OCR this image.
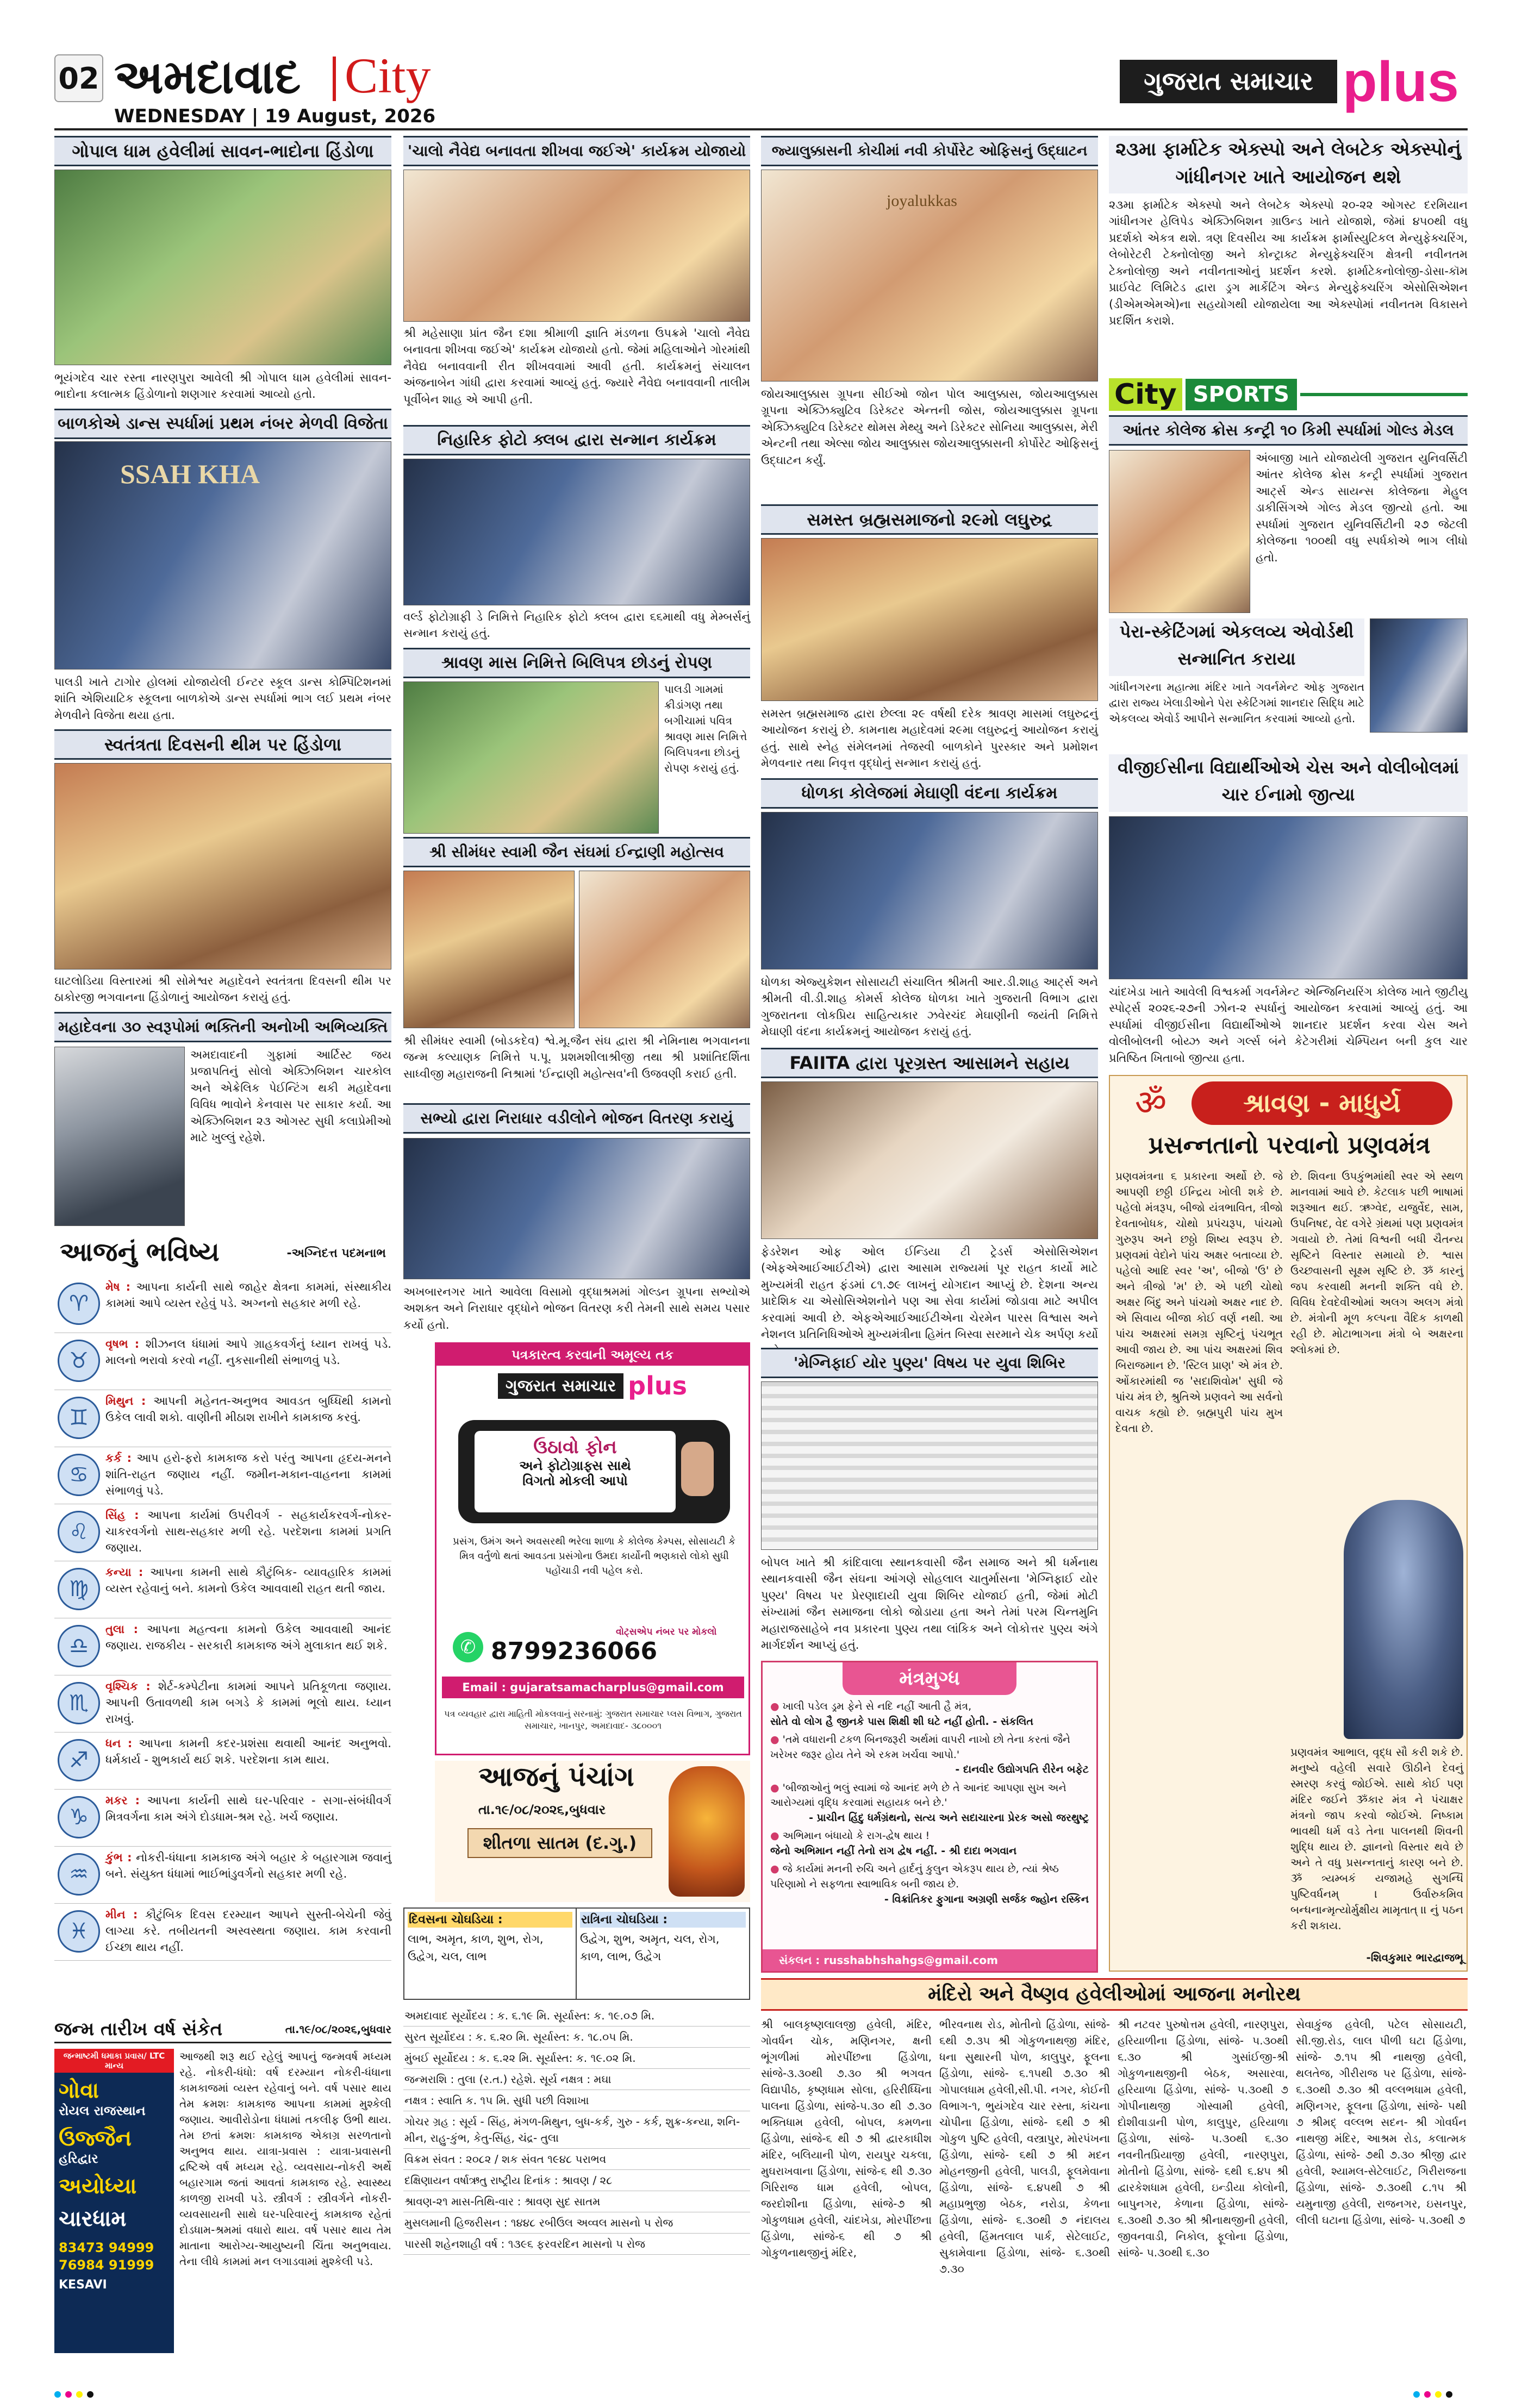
02 અમદાવાદ City
WEDNESDAY | 19 August, 2026
ગુજરાત સમાચાર plus
ગોપાલ ધામ હવેલીમાં સાવન-ભાદોના હિંડોળા
ભૂયંગદેવ ચાર રસ્તા નારણપુરા આવેલી શ્રી ગોપાલ ધામ હવેલીમાં સાવન-ભાદોના કલાત્મક હિંડોળાનો શણગાર કરવામાં આવ્યો હતો.
બાળકોએ ડાન્સ સ્પર્ધામાં પ્રથમ નંબર મેળવી વિજેતા
SSAH KHA
પાલડી ખાતે ટાગોર હોલમાં યોજાયેલી ઈન્ટર સ્કૂલ ડાન્સ કોમ્પિટિશનમાં શાંતિ એશિયાટિક સ્કૂલના બાળકોએ ડાન્સ સ્પર્ધામાં ભાગ લઈ પ્રથમ નંબર મેળવીને વિજેતા થયા હતા.
સ્વતંત્રતા દિવસની થીમ પર હિંડોળા
ઘાટલોડિયા વિસ્તારમાં શ્રી સોમેશ્વર મહાદેવને સ્વતંત્રતા દિવસની થીમ પર ઠાકોરજી ભગવાનના હિંડોળાનું આયોજન કરાયું હતું.
મહાદેવના ૩૦ સ્વરૂપોમાં ભક્તિની અનોખી અભિવ્યક્તિ
અમદાવાદની ગુફામાં આર્ટિસ્ટ જય પ્રજાપતિનું સોલો એક્ઝિબિશન ચારકોલ અને એક્રેલિક પેઈન્ટિંગ થકી મહાદેવના વિવિધ ભાવોને કેનવાસ પર સાકાર કર્યા. આ એક્ઝિબિશન ૨૩ ઓગસ્ટ સુધી કલાપ્રેમીઓ માટે ખુલ્લું રહેશે.
આજનું ભવિષ્ય	-અગ્નિદત્ત પદમનાભ
♈
મેષ : આપના કાર્યની સાથે જાહેર ક્ષેત્રના કામમાં, સંસ્થાકીય કામમાં આપે વ્યસ્ત રહેવું પડે. અગ્નનો સહકાર મળી રહે.
♉
વૃષભ : શીઝનલ ધંધામાં આપે ગ્રાહકવર્ગનું ધ્યાન રાખવું પડે. માલનો ભરાવો કરવો નહીં. નુકસાનીથી સંભાળવું પડે.
♊
મિથુન : આપની મહેનત-અનુભવ આવડત બુધ્ધિથી કામનો ઉકેલ લાવી શકો. વાણીની મીઠાશ રાખીને કામકાજ કરવું.
♋
કર્ક : આપ હરો-ફરો કામકાજ કરો પરંતુ આપના હૃદય-મનને શાંતિ-રાહત જણાય નહીં. જમીન-મકાન-વાહનના કામમાં સંભાળવું પડે.
♌
સિંહ : આપના કાર્યમાં ઉપરીવર્ગ - સહકાર્યકરવર્ગ-નોકર-ચાકરવર્ગનો સાથ-સહકાર મળી રહે. પરદેશના કામમાં પ્રગતિ જણાય.
♍
કન્યા : આપના કામની સાથે કૌટુંબિક- વ્યાવહારિક કામમાં વ્યસ્ત રહેવાનું બને. કામનો ઉકેલ આવવાથી રાહત થતી જાય.
♎
તુલા : આપના મહત્વના કામનો ઉકેલ આવવાથી આનંદ જણાય. રાજકીય - સરકારી કામકાજ અંગે મુલાકાત થઈ શકે.
♏
વૃશ્ચિક : શેર્ટ-કમ્પેટીના કામમાં આપને પ્રતિકૂળતા જણાય. આપની ઉતાવળથી કામ બગડે કે કામમાં ભૂલો થાય. ધ્યાન રાખવું.
♐
ધન : આપના કામની કદર-પ્રશંસા થવાથી આનંદ અનુભવો. ધર્મકાર્ય - શુભકાર્ય થઈ શકે. પરદેશના કામ થાય.
♑
મકર : આપના કાર્યની સાથે ઘર-પરિવાર - સગા-સંબંધીવર્ગ મિત્રવર્ગના કામ અંગે દોડધામ-શ્રમ રહે. ખર્ચ જણાય.
♒
કુંભ : નોકરી-ધંધાના કામકાજ અંગે બહાર કે બહારગામ જવાનું બને. સંયુક્ત ધંધામાં ભાઈભાંડુવર્ગનો સહકાર મળી રહે.
♓
મીન : કૌટુંબિક દિવસ દરમ્યાન આપને સુસ્તી-બેચેની જેવું લાગ્યા કરે. તબીયતની અસ્વસ્થતા જણાય. કામ કરવાની ઈચ્છા થાય નહીં.
જન્મ તારીખ વર્ષ સંકેત	તા.૧૯/૦૮/૨૦૨૬,બુધવાર
જન્માષ્ટમી ધમાકા પ્રવાસ/ LTC માન્ય
ગોવા
રોયલ રાજસ્થાન
ઉજ્જૈન
હરિદ્વાર
અયોધ્યા
ચારધામ
83473 94999
76984 91999
KESAVI
આજથી શરૂ થઈ રહેલું આપનું જન્મવર્ષ મધ્યમ રહે. નોકરી-ધંધો: વર્ષ દરમ્યાન નોકરી-ધંધાના કામકાજમાં વ્યસ્ત રહેવાનું બને. વર્ષ પસાર થાય તેમ ક્રમશઃ કામકાજ આપના કામમાં મુશ્કેલી જણાય. આવીરોડોના ધંધામાં તકલીફ ઉભી થાય. તેમ છતાં ક્રમશઃ કામકાજ એકાગ્ર સરળતાનો અનુભવ થાય. યાત્રા-પ્રવાસ : યાત્રા-પ્રવાસની દ્રષ્ટિએ વર્ષ મધ્યમ રહે. વ્યવસાય-નોકરી અર્થે બહારગામ જતાં આવતાં કામકાજ રહે. સ્વાસ્થ્ય કાળજી રાખવી પડે. સ્ત્રીવર્ગ : સ્ત્રીવર્ગને નોકરી-વ્યવસાયની સાથે ઘર-પરિવારનું કામકાજ રહેતાં દોડધામ-શ્રમમાં વધારો થાય. વર્ષ પસાર થાય તેમ માતાના આરોગ્ય-આયુષ્યની ચિંતા અનુભવાય. તેના લીધે કામમાં મન લગાડવામાં મુશ્કેલી પડે.
'ચાલો નૈવેદ્ય બનાવતા શીખવા જઈએ' કાર્યક્રમ યોજાયો
શ્રી મહેસાણા પ્રાંત જૈન દશા શ્રીમાળી જ્ઞાતિ મંડળના ઉપક્રમે 'ચાલો નૈવેદ્ય બનાવતા શીખવા જઈએ' કાર્યક્રમ યોજાયો હતો. જેમાં મહિલાઓને ગોરમાંથી નૈવેદ્ય બનાવવાની રીત શીખવવામાં આવી હતી. કાર્યક્રમનું સંચાલન અંજનાબેન ગાંધી દ્વારા કરવામાં આવ્યું હતું. જ્યારે નૈવેદ્ય બનાવવાની તાલીમ પૂર્વીબેન શાહ એ આપી હતી.
નિહારિક ફોટો ક્લબ દ્વારા સન્માન કાર્યક્રમ
વર્લ્ડ ફોટોગ્રાફી ડે નિમિત્તે નિહારિક ફોટો ક્લબ દ્વારા ૬૬માથી વધુ મેમ્બર્સનું સન્માન કરાયું હતું.
શ્રાવણ માસ નિમિત્તે બિલિપત્ર છોડનું રોપણ
પાલડી ગામમાં ક્રીડાંગણ તથા બગીચામાં પવિત્ર શ્રાવણ માસ નિમિત્તે બિલિપત્રના છોડનું રોપણ કરાયું હતું.
શ્રી સીમંધર સ્વામી જૈન સંઘમાં ઈન્દ્રાણી મહોત્સવ
શ્રી સીમંધર સ્વામી (બોડકદેવ) શ્વે.મૂ.જૈન સંઘ દ્વારા શ્રી નેમિનાથ ભગવાનના જન્મ કલ્યાણક નિમિત્તે પ.પૂ. પ્રશમશીલાશ્રીજી તથા શ્રી પ્રશાંતિદર્શિતા સાધ્વીજી મહારાજની નિશ્રામાં 'ઈન્દ્રાણી મહોત્સવ'ની ઉજવણી કરાઈ હતી.
સભ્યો દ્વારા નિરાધાર વડીલોને ભોજન વિતરણ કરાયું
અખબારનગર ખાતે આવેલા વિસામો વૃદ્ધાશ્રમમાં ગોલ્ડન ગ્રૂપના સભ્યોએ અશક્ત અને નિરાધાર વૃદ્ધોને ભોજન વિતરણ કરી તેમની સાથે સમય પસાર કર્યો હતો.
પત્રકારત્વ કરવાની અમૂલ્ય તક
ગુજરાત સમાચાર plus
ઉઠાવો ફોન
અને ફોટોગ્રાફ્સ સાથે
વિગતો મોકલી આપો
પ્રસંગ, ઉમંગ અને અવસરથી ભરેલા શાળા કે કોલેજ કેમ્પસ, સોસાયટી કે મિત્ર વર્તુળો થતાં આવડતા પ્રસંગોના ઉમદા કાર્યોની ભણકારો લોકો સુધી પહોંચાડી નવી પહેલ કરો.
✆
વોટ્સએપ નંબર પર મોકલો
8799236066
Email : gujaratsamacharplus@gmail.com
પત્ર વ્યવહાર દ્વારા માહિતી મોકલવાનું સરનામું: ગુજરાત સમાચાર પ્લસ વિભાગ, ગુજરાત સમાચાર, ખાનપુર, અમદાવાદ- ૩૮૦૦૦૧
આજનું પંચાંગ
તા.૧૯/૦૮/૨૦૨૬,બુધવાર
શીતળા સાતમ (દ.ગુ.)
દિવસના ચોઘડિયા :
લાભ, અમૃત, કાળ, શુભ, રોગ, ઉદ્વેગ, ચલ, લાભ
રાત્રિના ચોઘડિયા :
ઉદ્વેગ, શુભ, અમૃત, ચલ, રોગ, કાળ, લાભ, ઉદ્વેગ
અમદાવાદ સૂર્યોદય : ક. ૬.૧૯ મિ. સૂર્યાસ્ત: ક. ૧૯.૦૭ મિ.
સુરત સૂર્યોદય : ક. ૬.૨૦ મિ. સૂર્યાસ્ત: ક. ૧૮.૦૫ મિ.
મુંબઈ સૂર્યોદય : ક. ૬.૨૨ મિ. સૂર્યાસ્ત: ક. ૧૯.૦૨ મિ.
જન્મરાશિ : તુલા (ર.ત.) રહેશે. સૂર્ય નક્ષત્ર : મઘા
નક્ષત્ર : સ્વાતિ ક. ૧૫ મિ. સુધી પછી વિશાખા
ગોચર ગ્રહ : સૂર્ય - સિંહ, મંગળ-મિથુન, બુધ-કર્ક, ગુરુ - કર્ક, શુક્ર-કન્યા, શનિ-મીન, રાહુ-કુંભ, કેતુ-સિંહ, ચંદ્ર- તુલા
વિક્રમ સંવત : ૨૦૮૨ / શક સંવત ૧૯૪૮ પરાભવ
દક્ષિણાયન વર્ષાઋતુ રાષ્ટ્રીય દિનાંક : શ્રાવણ / ૨૮
શ્રાવણ-૨૧ માસ-તિથિ-વાર : શ્રાવણ સુદ સાતમ
મુસલમાની હિજરીસન : ૧૪૪૮ રબીઉલ અવ્વલ માસનો ૫ રોજ
પારસી શહેનશાહી વર્ષ : ૧૩૯૬ ફરવરદિન માસનો ૫ રોજ
જ્યાલુક્કાસની કોચીમાં નવી કોર્પોરેટ ઓફિસનું ઉદ્ઘાટન
joyalukkas
જોયઆલુક્કાસ ગ્રૂપના સીઈઓ જોન પોલ આલુક્કાસ, જોયઆલુક્કાસ ગ્રૂપના એક્ઝિક્યુટિવ ડિરેક્ટર એન્તની જોસ, જોયઆલુક્કાસ ગ્રૂપના એક્ઝિક્યુટિવ ડિરેક્ટર થોમસ મેથ્યુ અને ડિરેક્ટર સોનિયા આલુક્કાસ, મેરી એન્ટની તથા એલ્સા જોય આલુક્કાસ જોયઆલુક્કાસની કોર્પોરેટ ઓફિસનું ઉદ્ઘાટન કર્યું.
સમસ્ત બ્રહ્મસમાજનો ૨૯મો લઘુરુદ્ર
સમસ્ત બ્રહ્મસમાજ દ્વારા છેલ્લા ૨૯ વર્ષથી દરેક શ્રાવણ માસમાં લઘુરુદ્રનું આયોજન કરાયું છે. કામનાથ મહાદેવમાં ૨૯મા લઘુરુદ્રનું આયોજન કરાયું હતું. સાથે સ્નેહ સંમેલનમાં તેજસ્વી બાળકોને પુરસ્કાર અને પ્રમોશન મેળવનાર તથા નિવૃત્ત વૃદ્ધોનું સન્માન કરાયું હતું.
ધોળકા કોલેજમાં મેઘાણી વંદના કાર્યક્રમ
ધોળકા એજ્યુકેશન સોસાયટી સંચાલિત શ્રીમતી આર.ડી.શાહ આર્ટ્સ અને શ્રીમતી વી.ડી.શાહ કોમર્સ કોલેજ ધોળકા ખાતે ગુજરાતી વિભાગ દ્વારા ગુજરાતના લોકપ્રિય સાહિત્યકાર ઝવેરચંદ મેઘાણીની જયંતી નિમિત્તે મેઘાણી વંદના કાર્યક્રમનું આયોજન કરાયું હતું.
FAIITA દ્વારા પૂરગ્રસ્ત આસામને સહાય
ફેડરેશન ઓફ ઓલ ઈન્ડિયા ટી ટ્રેડર્સ એસોસિએશન (એફએઆઈઆઈટીએ) દ્વારા આસામ રાજ્યમાં પૂર રાહત કાર્યો માટે મુખ્યમંત્રી રાહત ફંડમાં ૮૧.૭૯ લાખનું યોગદાન આપ્યું છે. દેશના અન્ય પ્રાદેશિક ચા એસોસિએશનોને પણ આ સેવા કાર્યમાં જોડાવા માટે અપીલ કરવામાં આવી છે. એફએઆઈઆઈટીએના ચેરમેન પારસ વિશ્વાસ અને નેશનલ પ્રતિનિધિઓએ મુખ્યમંત્રીના હિમંત બિસ્વા સરમાને ચેક અર્પણ કર્યો
'મેગ્નિફાઈ યોર પુણ્ય' વિષય પર યુવા શિબિર
બોપલ ખાતે શ્રી કાંદિવાલા સ્થાનકવાસી જૈન સમાજ અને શ્રી ધર્મનાથ સ્થાનકવાસી જૈન સંઘના આંગણે સોહલાલ ચાતુર્માસના 'મેગ્નિફાઈ યોર પુણ્ય' વિષય પર પ્રેરણાદાયી યુવા શિબિર યોજાઈ હતી, જેમાં મોટી સંખ્યામાં જૈન સમાજના લોકો જોડાયા હતા અને તેમાં પરમ ચિન્તમુનિ મહારાજસાહેબે નવ પ્રકારના પુણ્ય તથા લાંકિક અને લોકોત્તર પુણ્ય અંગે માર્ગદર્શન આપ્યું હતું.
મંત્રમુગ્ધ
● ખાલી પડેલ ડ્રમ ફેને સે નદિ નહીં આતી હૈ મંત્ર,
સોતે વો લોગ હૈ જીનકે પાસ શિક્ષી શી ઘટે નહીં હોતી. - સંકલિત
● 'તમે વધારાની ટકળ બિનજરૂરી અર્થમાં વાપરી નાખો છો તેના કરતાં જૈને ખરેખર જરૂર હોય તેને એ રકમ ખર્ચવા આપો.'
- દાનવીર ઉદ્યોગપતિ રીરેન બફેટ
● 'બીજાઓનું ભલું સ્વામાં જે આનંદ મળે છે તે આનંદ આપણા સુખ અને આરોગ્યમાં વૃદ્ધિ કરવામાં સહાયક બને છે.'
- પ્રાચીન હિંદુ ધર્મગ્રંથનો, સત્ય અને સદાચારના પ્રેરક અસો જરથુષ્ટ્ર
● અભિમાન બંધાયો કે રાગ-દ્વેષ થાય !
જેનો અભિમાન નહીં તેનો રાગ દ્વેષ નહીં. - શ્રી દાદા ભગવાન
● જે કાર્યમાં મનની રુચિ અને હાર્દનું કુલુન એકરૂપ થાય છે, ત્યાં શ્રેષ્ઠ પરિણામો ને સફળતા સ્વાભાવિક બની જાય છે.
- વિક્રાંતિકર ફુગાના અગ્રણી સર્જક જ્હોન રસ્કિન
સંકલન : russhabhshahgs@gmail.com
૨૩મા ફાર્માટેક એક્સ્પો અને લેબટેક એક્સ્પોનું ગાંધીનગર ખાતે આયોજન થશે
૨૩મા ફાર્માટેક એક્સ્પો અને લેબટેક એક્સ્પો ૨૦-૨૨ ઓગસ્ટ દરમિયાન ગાંધીનગર હેલિપેડ એક્ઝિબિશન ગ્રાઉન્ડ ખાતે યોજાશે, જેમાં ૪૫૦થી વધુ પ્રદર્શકો એકત્ર થશે. ત્રણ દિવસીય આ કાર્યક્રમ ફાર્માસ્યુટિકલ મેન્યુફેક્ચરિંગ, લેબોરેટરી ટેક્નોલોજી અને કોન્ટ્રાક્ટ મેન્યુફેક્ચરિંગ ક્ષેત્રની નવીનતમ ટેક્નોલોજી અને નવીનતાઓનું પ્રદર્શન કરશે. ફાર્માટેકનોલોજી-ડોસા-કૉમ પ્રાઈવેટ લિમિટેડ દ્વારા ડ્રગ માર્કેટિંગ એન્ડ મેન્યુફેક્ચરિંગ એસોસિએશન (ડીએમએમએ)ના સહયોગથી યોજાયેલા આ એક્સ્પોમાં નવીનતમ વિકાસને પ્રદર્શિત કરાશે.
City SPORTS
આંતર કોલેજ ક્રોસ કન્ટ્રી ૧૦ કિમી સ્પર્ધામાં ગોલ્ડ મેડલ
અંબાજી ખાતે યોજાયેલી ગુજરાત યુનિવર્સિટી આંતર કોલેજ ક્રોસ કન્ટ્રી સ્પર્ધામાં ગુજરાત આર્ટ્સ એન્ડ સાયન્સ કોલેજના મેહુલ ડાકીસિંગએ ગોલ્ડ મેડલ જીત્યો હતો. આ સ્પર્ધામાં ગુજરાત યુનિવર્સિટીની ૨૭ જેટલી કોલેજના ૧૦૦થી વધુ સ્પર્ધકોએ ભાગ લીધો હતો.
પેરા-સ્કેટિંગમાં એકલવ્ય એવોર્ડથી સન્માનિત કરાયા
ગાંધીનગરના મહાત્મા મંદિર ખાતે ગવર્નમેન્ટ ઓફ ગુજરાત દ્વારા રાજ્ય ખેલાડીઓને પેરા સ્કેટિંગમાં શાનદાર સિદ્ધિ માટે એકલવ્ય એવોર્ડ આપીને સન્માનિત કરવામાં આવ્યો હતો.
વીજીઈસીના વિદ્યાર્થીઓએ ચેસ અને વોલીબોલમાં ચાર ઈનામો જીત્યા
ચાંદખેડા ખાતે આવેલી વિશ્વકર્મા ગવર્નમેન્ટ એન્જિનિયરિંગ કોલેજ ખાતે જીટીયુ સ્પોર્ટ્સ ૨૦૨૬-૨૭ની ઝોન-૨ સ્પર્ધાનું આયોજન કરવામાં આવ્યું હતું. આ સ્પર્ધામાં વીજીઈસીના વિદ્યાર્થીઓએ શાનદાર પ્રદર્શન કરવા ચેસ અને વોલીબોલની બોય્ઝ અને ગર્લ્સ બંને કેટેગરીમાં ચેમ્પિયન બની કુલ ચાર પ્રતિષ્ઠિત ખિતાબો જીત્યા હતા.
શ્રાવણ - માધુર્ય
ॐ
પ્રસન્નતાનો પરવાનો પ્રણવમંત્ર
પ્રણવમંત્રના ૬ પ્રકારના અર્થો છે. જે આપણી છઠ્ઠી ઈન્દ્રિય ખોલી શકે છે. પહેલો મંત્રરૂપ, બીજો યંત્રભાવિત, ત્રીજો દેવતાબોધક, ચોથો પ્રપંચરૂપ, પાંચમો ગુરુરૂપ અને છઠ્ઠો શિષ્ય સ્વરૂપ છે. પ્રણવમાં વેદોને પાંચ અક્ષર બતાવ્યા છે. પહેલો આદિ સ્વર 'અ', બીજો 'ઉ' છે અને ત્રીજો 'મ' છે. એ પછી ચોથો અક્ષર બિંદુ અને પાંચમો અક્ષર નાદ છે. એ સિવાય બીજા કોઈ વર્ણ નથી. આ પાંચ અક્ષરમાં સમગ્ર સૃષ્ટિનું પંચભૂત આવી જાય છે. આ પાંચ અક્ષરમાં શિવ બિરાજમાન છે. 'સ્ટિલ પ્રાણ' એ મંત્ર છે. ઓંકારમાંથી જ 'સદાશિવોમ' સુધી જે પાંચ મંત્ર છે, શ્રુતિએ પ્રણવને આ સર્વનો વાચક કહ્યો છે. બ્રહ્મપુરી પાંચ મુખ દેવતા છે.
છે. શિવના ઉપકુંભમાંથી સ્વર એ સ્થળ માનવામાં આવે છે. કેટલાક પછી ભાષામાં શરૂઆત થઈ. ઋગ્વેદ, યજુર્વેદ, સામ, ઉપનિષદ, વેદ વગેરે ગ્રંથમાં પણ પ્રણવમંત્ર ગવાયો છે. તેમાં વિશ્વની બધી ચૈતન્ય સૃષ્ટિને વિસ્તાર સમાયો છે. શ્વાસ ઉચ્છવાસની સૂક્ષ્મ સૃષ્ટિ છે. ૐ કારનું જપ કરવાથી મનની શક્તિ વધે છે. વિવિધ દેવદેવીઓમાં અલગ અલગ મંત્રો છે. મંત્રોની મૂળ કલ્પના વૈદિક કાળથી રહી છે. મોટાભાગના મંત્રો બે અક્ષરના શ્લોકમાં છે.
પ્રણવમંત્ર આભાલ, વૃદ્ધ સૌ કરી શકે છે. મનુષ્યે વહેલી સવારે ઊઠીને દેવનું સ્મરણ કરવું જોઈએ. સાથે કોઈ પણ મંદિર જઈને ૐકાર મંત્ર ને પંચાક્ષર મંત્રનો જાપ કરવો જોઈએ. નિષ્કામ ભાવથી ધર્મ વડે તેના પાલનથી શિવની શુદ્ધિ થાય છે. જ્ઞાનનો વિસ્તાર થવે છે અને તે વધુ પ્રસન્નતાનું કારણ બને છે. ૐ ત્ર્યમ્બકં યજામહે સુગન્ધિં પુષ્ટિવર્ધનમ્ । ઉર્વારુકમિવ બન્ધનાન્મૃત્યોર્મુક્ષીય મામૃતાત્ ।। નું પઠન કરી શકાય.
-શિવકુમાર ભારદ્વાજભૂ
મંદિરો અને વૈષ્ણવ હવેલીઓમાં આજના મનોરથ
શ્રી બાલકૃષ્ણલાલજી હવેલી, મંદિર, ગોવર્ધન ચોક, મણિનગર, ક્ષની ભૂંગળીમાં મોરપીંછના હિંડોળા, સાંજે-૩.૩૦થી ૭.૩૦ શ્રી ભગવત વિદ્યાપીઠ, કૃષ્ણધામ સોલા, હરિરીધ્ધિના પાલના હિંડોળા, સાંજે-૫.૩૦ થી ૭.૩૦ ભક્તિધામ હવેલી, બોપલ, કમળના હિંડોળા, સાંજે-૬ થી ૭ શ્રી દ્વારકાધીશ મંદિર, બલિયાની પોળ, રાયપુર ચકલા, મુઘરાખવાના હિંડોળા, સાંજે-૬ થી ૭.૩૦ ગિરિરાજ ધામ હવેલી, બોપલ, જરદોશીના હિંડોળા, સાંજે-૭ શ્રી ગોકુળધામ હવેલી, ચાંદખેડા, મોરપીંછના હિંડોળા, સાંજે-૬ થી ૭ શ્રી ગોકુળનાથજીનું મંદિર,
ભીરવનાથ રોડ, મોતીનો હિંડોળા, સાંજે- ૬થી ૭.૩૫ શ્રી ગોકુળનાથજી મંદિર, ધના સુથારની પોળ, કાલુપુર, ફૂલના હિંડોળા, સાંજે- ૬.૧૫થી ૭.૩૦ શ્રી ગોપાલધામ હવેલી,સી.પી. નગર, કોઈની વિભાગ-૧, ભુયંગદેવ ચાર રસ્તા, કાંચના ચોપીના હિંડોળા, સાંજે- ૬થી ૭ શ્રી ગોકુળ પુષ્ટિ હવેલી, વસ્ત્રાપુર, મોરપંખના હિંડોળા, સાંજે- ૬થી ૭ શ્રી મદન મોહનજીની હવેલી, પાલડી, ફૂલમેવાના હિંડોળા, સાંજે- ૬.૪૫થી ૭ શ્રી મહાપ્રભુજી બેઠક, નરોડા, કેળના હિંડોળા, સાંજે- ૬.૩૦થી ૭ નંદાલય હવેલી, હિંમતલાલ પાર્ક, સેટેલાઈટ, સુકામેવાના હિંડોળા, સાંજે- ૬.૩૦થી ૭.૩૦
શ્રી નટવર પુરુષોત્તમ હવેલી, નારણપુરા, હરિયાળીના હિંડોળા, સાંજે- ૫.૩૦થી ૬.૩૦ શ્રી ગુસાંઈજી-શ્રી ગોકુળનાથજીની બેઠક, અસારવા, હરિયાળા હિંડોળા, સાંજે- ૫.૩૦થી ૭ ગોપીનાથજી ગોસ્વામી હવેલી, દોશીવાડાની પોળ, કાલુપુર, હરિયાળા હિંડોળા, સાંજે- ૫.૩૦થી ૬.૩૦ નવનીતપ્રિયાજી હવેલી, નારણપુરા, મોતીનો હિંડોળા, સાંજે- ૬થી ૬.૪૫ શ્રી દ્વારકેશધામ હવેલી, ઇન્ડીયા કોલોની, બાપુનગર, કેળાના હિંડોળા, સાંજે- ૬.૩૦થી ૭.૩૦ શ્રી શ્રીનાથજીની હવેલી, જીવનવાડી, નિકોલ, ફૂલોના હિંડોળા, સાંજે- ૫.૩૦થી ૬.૩૦
સેવાકુંજ હવેલી, પટેલ સોસાયટી, સી.જી.રોડ, લાલ પીળી ઘટા હિંડોળા, સાંજે- ૭.૧૫ શ્રી નાથજી હવેલી, થલતેજ, ગીરીરાજ પર હિંડોળા, સાંજે- ૬.૩૦થી ૭.૩૦ શ્રી વલ્લભધામ હવેલી, મણિનગર, ફૂલના હિંડોળા, સાંજે- ૫થી ૭ શ્રીમદ્ વલ્લભ સદન- શ્રી ગોવર્ધન નાથજી મંદિર, આશ્રમ રોડ, કલાત્મક હિંડોળા, સાંજે- ૭થી ૭.૩૦ શ્રીજી દ્વાર હવેલી, શ્યામલ-સેટેલાઈટ, ગિરીરાજના હિંડોળા, સાંજે- ૭.૩૦થી ૮.૧૫ શ્રી યમુનાજી હવેલી, રાજનગર, ઇસનપુર, લીલી ઘટાના હિંડોળા, સાંજે- ૫.૩૦થી ૭
